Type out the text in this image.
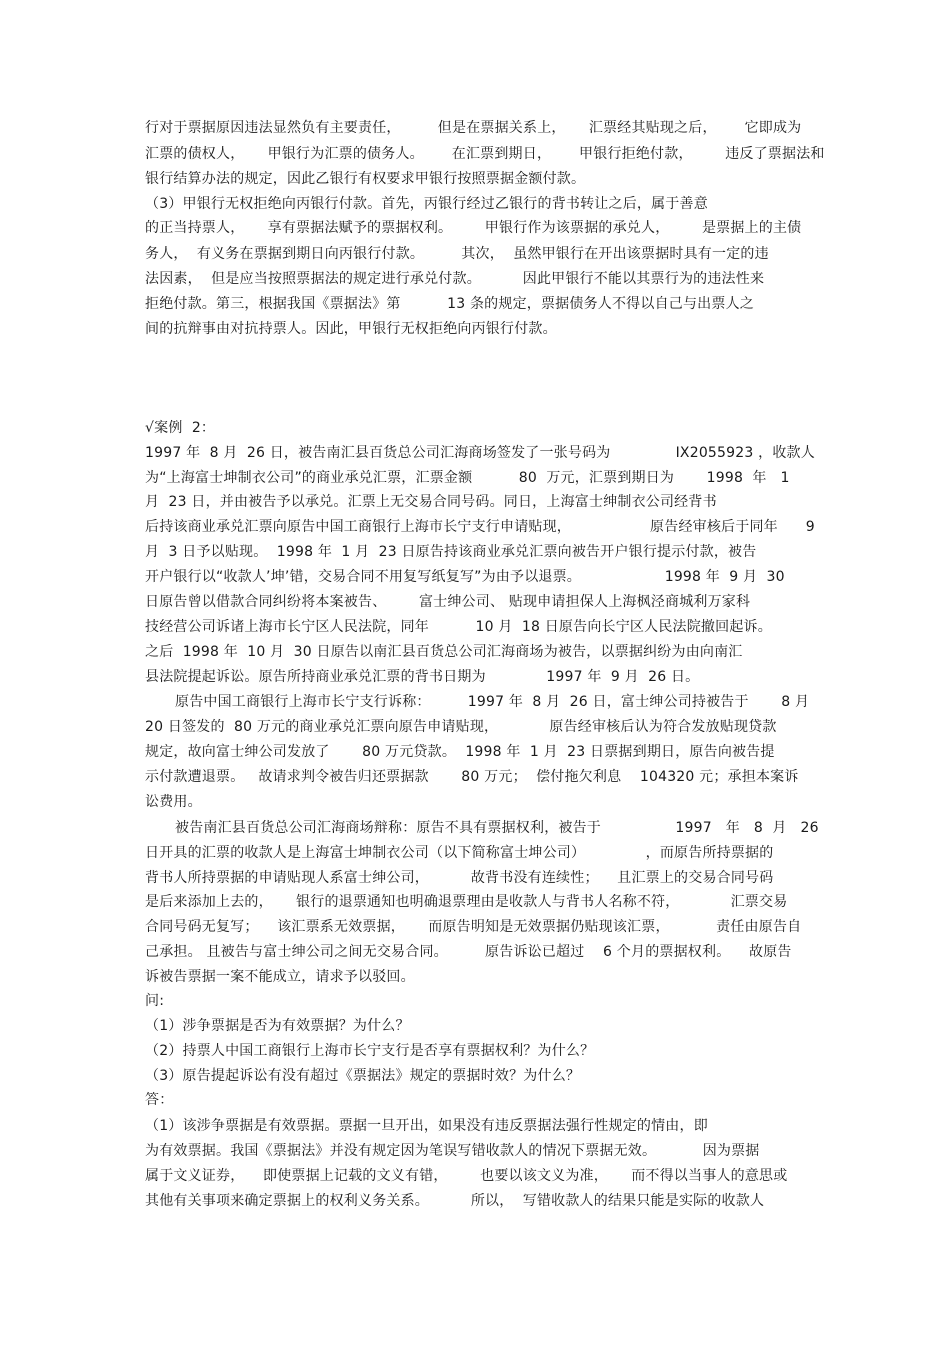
行对于票据原因违法显然负有主要责任，        但是在票据关系上，     汇票经其贴现之后，      它即成为
汇票的债权人，     甲银行为汇票的债务人。      在汇票到期日，      甲银行拒绝付款，       违反了票据法和
银行结算办法的规定，因此乙银行有权要求甲银行按照票据金额付款。
（3）甲银行无权拒绝向丙银行付款。首先，丙银行经过乙银行的背书转让之后，属于善意
的正当持票人，     享有票据法赋予的票据权利。       甲银行作为该票据的承兑人，       是票据上的主债
务人，  有义务在票据到期日向丙银行付款。        其次，  虽然甲银行在开出该票据时具有一定的违
法因素，  但是应当按照票据法的规定进行承兑付款。         因此甲银行不能以其票行为的违法性来
拒绝付款。第三，根据我国《票据法》第          13 条的规定，票据债务人不得以自己与出票人之
间的抗辩事由对抗持票人。因此，甲银行无权拒绝向丙银行付款。
√案例  2：
1997 年  8 月  26 日，被告南汇县百货总公司汇海商场签发了一张号码为              IX2055923 ，收款人
为“上海富士坤制衣公司”的商业承兑汇票，汇票金额          80  万元，汇票到期日为       1998  年   1
月  23 日，并由被告予以承兑。汇票上无交易合同号码。同日，上海富士绅制衣公司经背书
后持该商业承兑汇票向原告中国工商银行上海市长宁支行申请贴现，                 原告经审核后于同年      9
月  3 日予以贴现。  1998 年  1 月  23 日原告持该商业承兑汇票向被告开户银行提示付款，被告
开户银行以“收款人’坤’错，交易合同不用复写纸复写”为由予以退票。                  1998 年  9 月  30
日原告曾以借款合同纠纷将本案被告、       富士绅公司、 贴现申请担保人上海枫泾商城利万家科
技经营公司诉诸上海市长宁区人民法院，同年          10 月  18 日原告向长宁区人民法院撤回起诉。
之后  1998 年  10 月  30 日原告以南汇县百货总公司汇海商场为被告，以票据纠纷为由向南汇
县法院提起诉讼。原告所持商业承兑汇票的背书日期为             1997 年  9 月  26 日。
原告中国工商银行上海市长宁支行诉称：        1997 年  8 月  26 日，富士绅公司持被告于       8 月
20 日签发的  80 万元的商业承兑汇票向原告申请贴现，           原告经审核后认为符合发放贴现贷款
规定，故向富士绅公司发放了       80 万元贷款。  1998 年  1 月  23 日票据到期日，原告向被告提
示付款遭退票。   故请求判令被告归还票据款       80 万元；  偿付拖欠利息    104320 元；承担本案诉
讼费用。
被告南汇县百货总公司汇海商场辩称：原告不具有票据权利，被告于                1997   年   8  月   26
日开具的汇票的收款人是上海富士坤制衣公司（以下简称富士坤公司）             ，而原告所持票据的
背书人所持票据的申请贴现人系富士绅公司，         故背书没有连续性；    且汇票上的交易合同号码
是后来添加上去的，     银行的退票通知也明确退票理由是收款人与背书人名称不符，           汇票交易
合同号码无复写；    该汇票系无效票据，     而原告明知是无效票据仍贴现该汇票，          责任由原告自
己承担。 且被告与富士绅公司之间无交易合同。        原告诉讼已超过    6 个月的票据权利。    故原告
诉被告票据一案不能成立，请求予以驳回。
问:
（1）涉争票据是否为有效票据？为什么？
（2）持票人中国工商银行上海市长宁支行是否享有票据权利？为什么？
（3）原告提起诉讼有没有超过《票据法》规定的票据时效？为什么？
答：
（1）该涉争票据是有效票据。票据一旦开出，如果没有违反票据法强行性规定的情由，即
为有效票据。我国《票据法》并没有规定因为笔误写错收款人的情况下票据无效。          因为票据
属于文义证券，    即使票据上记载的文义有错，       也要以该文义为准，     而不得以当事人的意思或
其他有关事项来确定票据上的权利义务关系。         所以，  写错收款人的结果只能是实际的收款人
